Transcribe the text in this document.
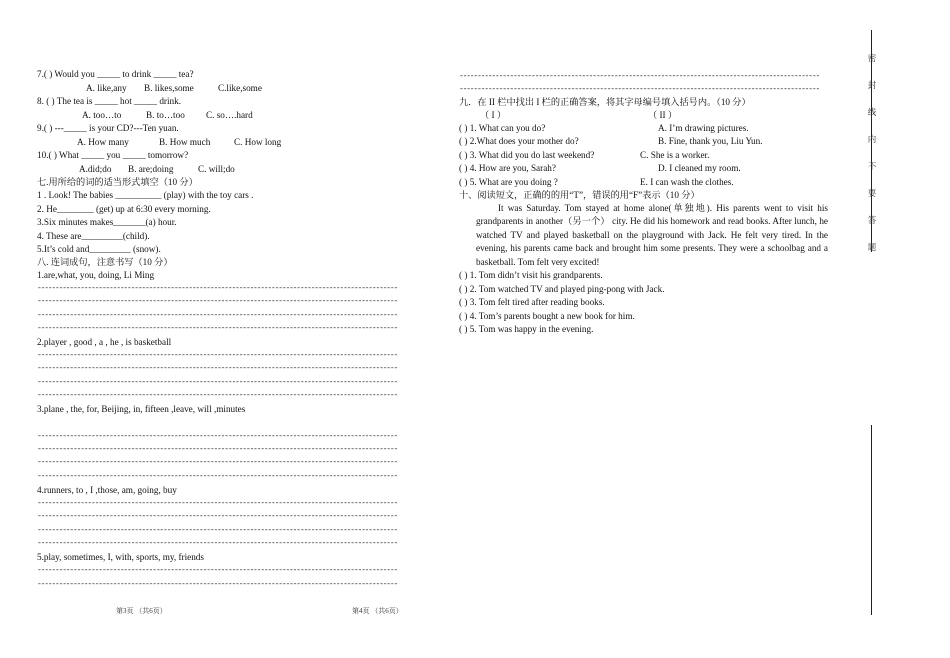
7.( ) Would you _____ to drink _____ tea?
A. like,any B. likes,some	C.like,some
8. ( ) The tea is _____ hot _____ drink.
A. too…to	B. to…too C. so….hard
9.( ) ---_____ is your CD?---Ten yuan.
A. How many	B. How much	C. How long
10.( ) What _____ you _____ tomorrow?
A.did;do B. are;doing	C. will;do
七.用所给的词的适当形式填空（10 分）
1 . Look! The babies __________ (play) with the toy cars .
2. He________ (get) up at 6:30 every morning.
3.Six minutes makes_______(a) hour.
4. These are_________(child).
5.It’s cold and_________ (snow).
八. 连词成句，注意书写（10 分）
1.are,what, you, doing, Li Ming
----------------------------------------------------------------------------------------------------
----------------------------------------------------------------------------------------------------
----------------------------------------------------------------------------------------------------
----------------------------------------------------------------------------------------------------
2.player , good , a , he , is basketball
----------------------------------------------------------------------------------------------------
----------------------------------------------------------------------------------------------------
----------------------------------------------------------------------------------------------------
----------------------------------------------------------------------------------------------------
3.plane , the, for, Beijing, in, fifteen ,leave, will ,minutes
----------------------------------------------------------------------------------------------------
----------------------------------------------------------------------------------------------------
----------------------------------------------------------------------------------------------------
----------------------------------------------------------------------------------------------------
4.runners, to , I ,those, am, going, buy
----------------------------------------------------------------------------------------------------
----------------------------------------------------------------------------------------------------
----------------------------------------------------------------------------------------------------
----------------------------------------------------------------------------------------------------
5.play, sometimes, I, with, sports, my, friends
----------------------------------------------------------------------------------------------------
----------------------------------------------------------------------------------------------------
----------------------------------------------------------------------------------------------------
----------------------------------------------------------------------------------------------------
九．在 II 栏中找出 I 栏的正确答案，将其字母编号填入括号内。（10 分）
（ I ）	（ II ）
( ) 1. What can you do?	A. I’m drawing pictures.
( ) 2.What does your mother do?	B. Fine, thank you, Liu Yun.
( ) 3. What did you do last weekend?	C. She is a worker.
( ) 4. How are you, Sarah?	D. I cleaned my room.
( ) 5. What are you doing ?	E. I can wash the clothes.
十、阅读短文，正确的的用“T”，错误的用“F”表示（10 分）
It was Saturday. Tom stayed at home alone(单独地). His parents went to visit his grandparents in another（另一个） city. He did his homework and read books. After lunch, he watched TV and played basketball on the playground with Jack. He felt very tired. In the evening, his parents came back and brought him some presents. They were a schoolbag and a basketball. Tom felt very excited!
( ) 1. Tom didn’t visit his grandparents.
( ) 2. Tom watched TV and played ping-pong with Jack.
( ) 3. Tom felt tired after reading books.
( ) 4. Tom’s parents bought a new book for him.
( ) 5. Tom was happy in the evening.
第3页 （共6页）	第4页 （共6页）
密
封
线
内
不
要
答
题
